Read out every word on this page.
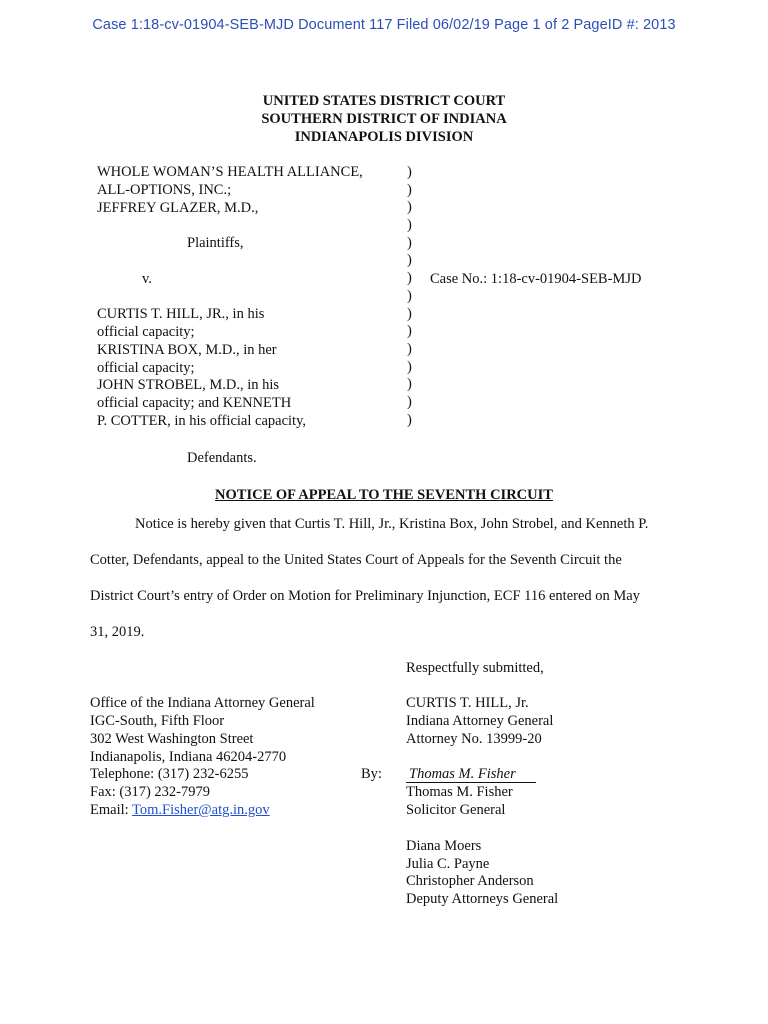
Case 1:18-cv-01904-SEB-MJD Document 117 Filed 06/02/19 Page 1 of 2 PageID #: 2013
UNITED STATES DISTRICT COURT
SOUTHERN DISTRICT OF INDIANA
INDIANAPOLIS DIVISION
WHOLE WOMAN’S HEALTH ALLIANCE,
ALL-OPTIONS, INC.;
JEFFREY GLAZER, M.D.,
Plaintiffs,
v.
CURTIS T. HILL, JR., in his
official capacity;
KRISTINA BOX, M.D., in her
official capacity;
JOHN STROBEL, M.D., in his
official capacity; and KENNETH
P. COTTER, in his official capacity,
Defendants.
)
)
)
)
)
)
)
)
)
)
)
)
)
)
)
Case No.: 1:18-cv-01904-SEB-MJD
NOTICE OF APPEAL TO THE SEVENTH CIRCUIT

Notice is hereby given that Curtis T. Hill, Jr., Kristina Box, John Strobel, and Kenneth P.

Cotter, Defendants, appeal to the United States Court of Appeals for the Seventh Circuit the

District Court’s entry of Order on Motion for Preliminary Injunction, ECF 116 entered on May

31, 2019.

Respectfully submitted,
Office of the Indiana Attorney General
IGC-South, Fifth Floor
302 West Washington Street
Indianapolis, Indiana 46204-2770
Telephone: (317) 232-6255
Fax: (317) 232-7979
Email: Tom.Fisher@atg.in.gov
CURTIS T. HILL, Jr.
Indiana Attorney General
Attorney No. 13999-20
By: Thomas M. Fisher
Thomas M. Fisher
Solicitor General
Diana Moers
Julia C. Payne
Christopher Anderson
Deputy Attorneys General
